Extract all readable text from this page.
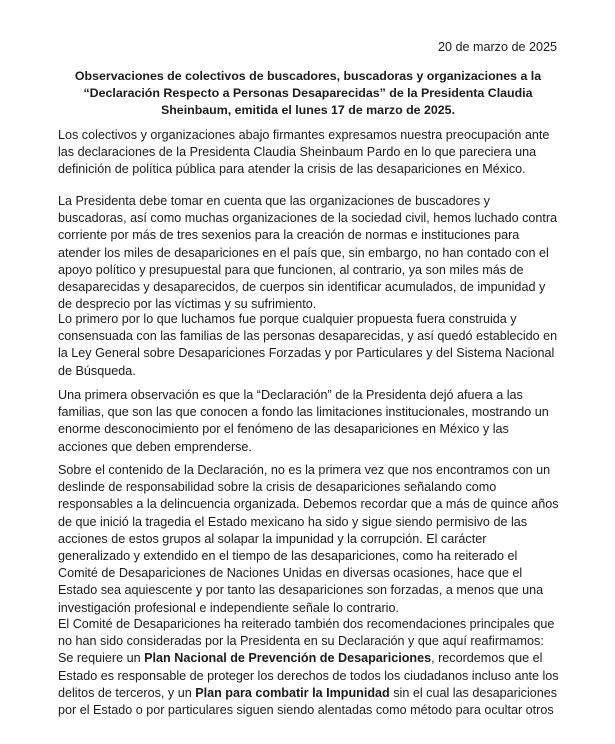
20 de marzo de 2025

Observaciones de colectivos de buscadores, buscadoras y organizaciones a la “Declaración Respecto a Personas Desaparecidas” de la Presidenta Claudia Sheinbaum, emitida el lunes 17 de marzo de 2025.

Los colectivos y organizaciones abajo firmantes expresamos nuestra preocupación ante las declaraciones de la Presidenta Claudia Sheinbaum Pardo en lo que pareciera una definición de política pública para atender la crisis de las desapariciones en México.

La Presidenta debe tomar en cuenta que las organizaciones de buscadores y buscadoras, así como muchas organizaciones de la sociedad civil, hemos luchado contra corriente por más de tres sexenios para la creación de normas e instituciones para atender los miles de desapariciones en el país que, sin embargo, no han contado con el apoyo político y presupuestal para que funcionen, al contrario, ya son miles más de desaparecidas y desaparecidos, de cuerpos sin identificar acumulados, de impunidad y de desprecio por las víctimas y su sufrimiento.

Lo primero por lo que luchamos fue porque cualquier propuesta fuera construida y consensuada con las familias de las personas desaparecidas, y así quedó establecido en la Ley General sobre Desapariciones Forzadas y por Particulares y del Sistema Nacional de Búsqueda.

Una primera observación es que la “Declaración” de la Presidenta dejó afuera a las familias, que son las que conocen a fondo las limitaciones institucionales, mostrando un enorme desconocimiento por el fenómeno de las desapariciones en México y las acciones que deben emprenderse.

Sobre el contenido de la Declaración, no es la primera vez que nos encontramos con un deslinde de responsabilidad sobre la crisis de desapariciones señalando como responsables a la delincuencia organizada. Debemos recordar que a más de quince años de que inició la tragedia el Estado mexicano ha sido y sigue siendo permisivo de las acciones de estos grupos al solapar la impunidad y la corrupción. El carácter generalizado y extendido en el tiempo de las desapariciones, como ha reiterado el Comité de Desapariciones de Naciones Unidas en diversas ocasiones, hace que el Estado sea aquiescente y por tanto las desapariciones son forzadas, a menos que una investigación profesional e independiente señale lo contrario.

El Comité de Desapariciones ha reiterado también dos recomendaciones principales que no han sido consideradas por la Presidenta en su Declaración y que aquí reafirmamos: Se requiere un Plan Nacional de Prevención de Desapariciones, recordemos que el Estado es responsable de proteger los derechos de todos los ciudadanos incluso ante los delitos de terceros, y un Plan para combatir la Impunidad sin el cual las desapariciones por el Estado o por particulares siguen siendo alentadas como método para ocultar otros
